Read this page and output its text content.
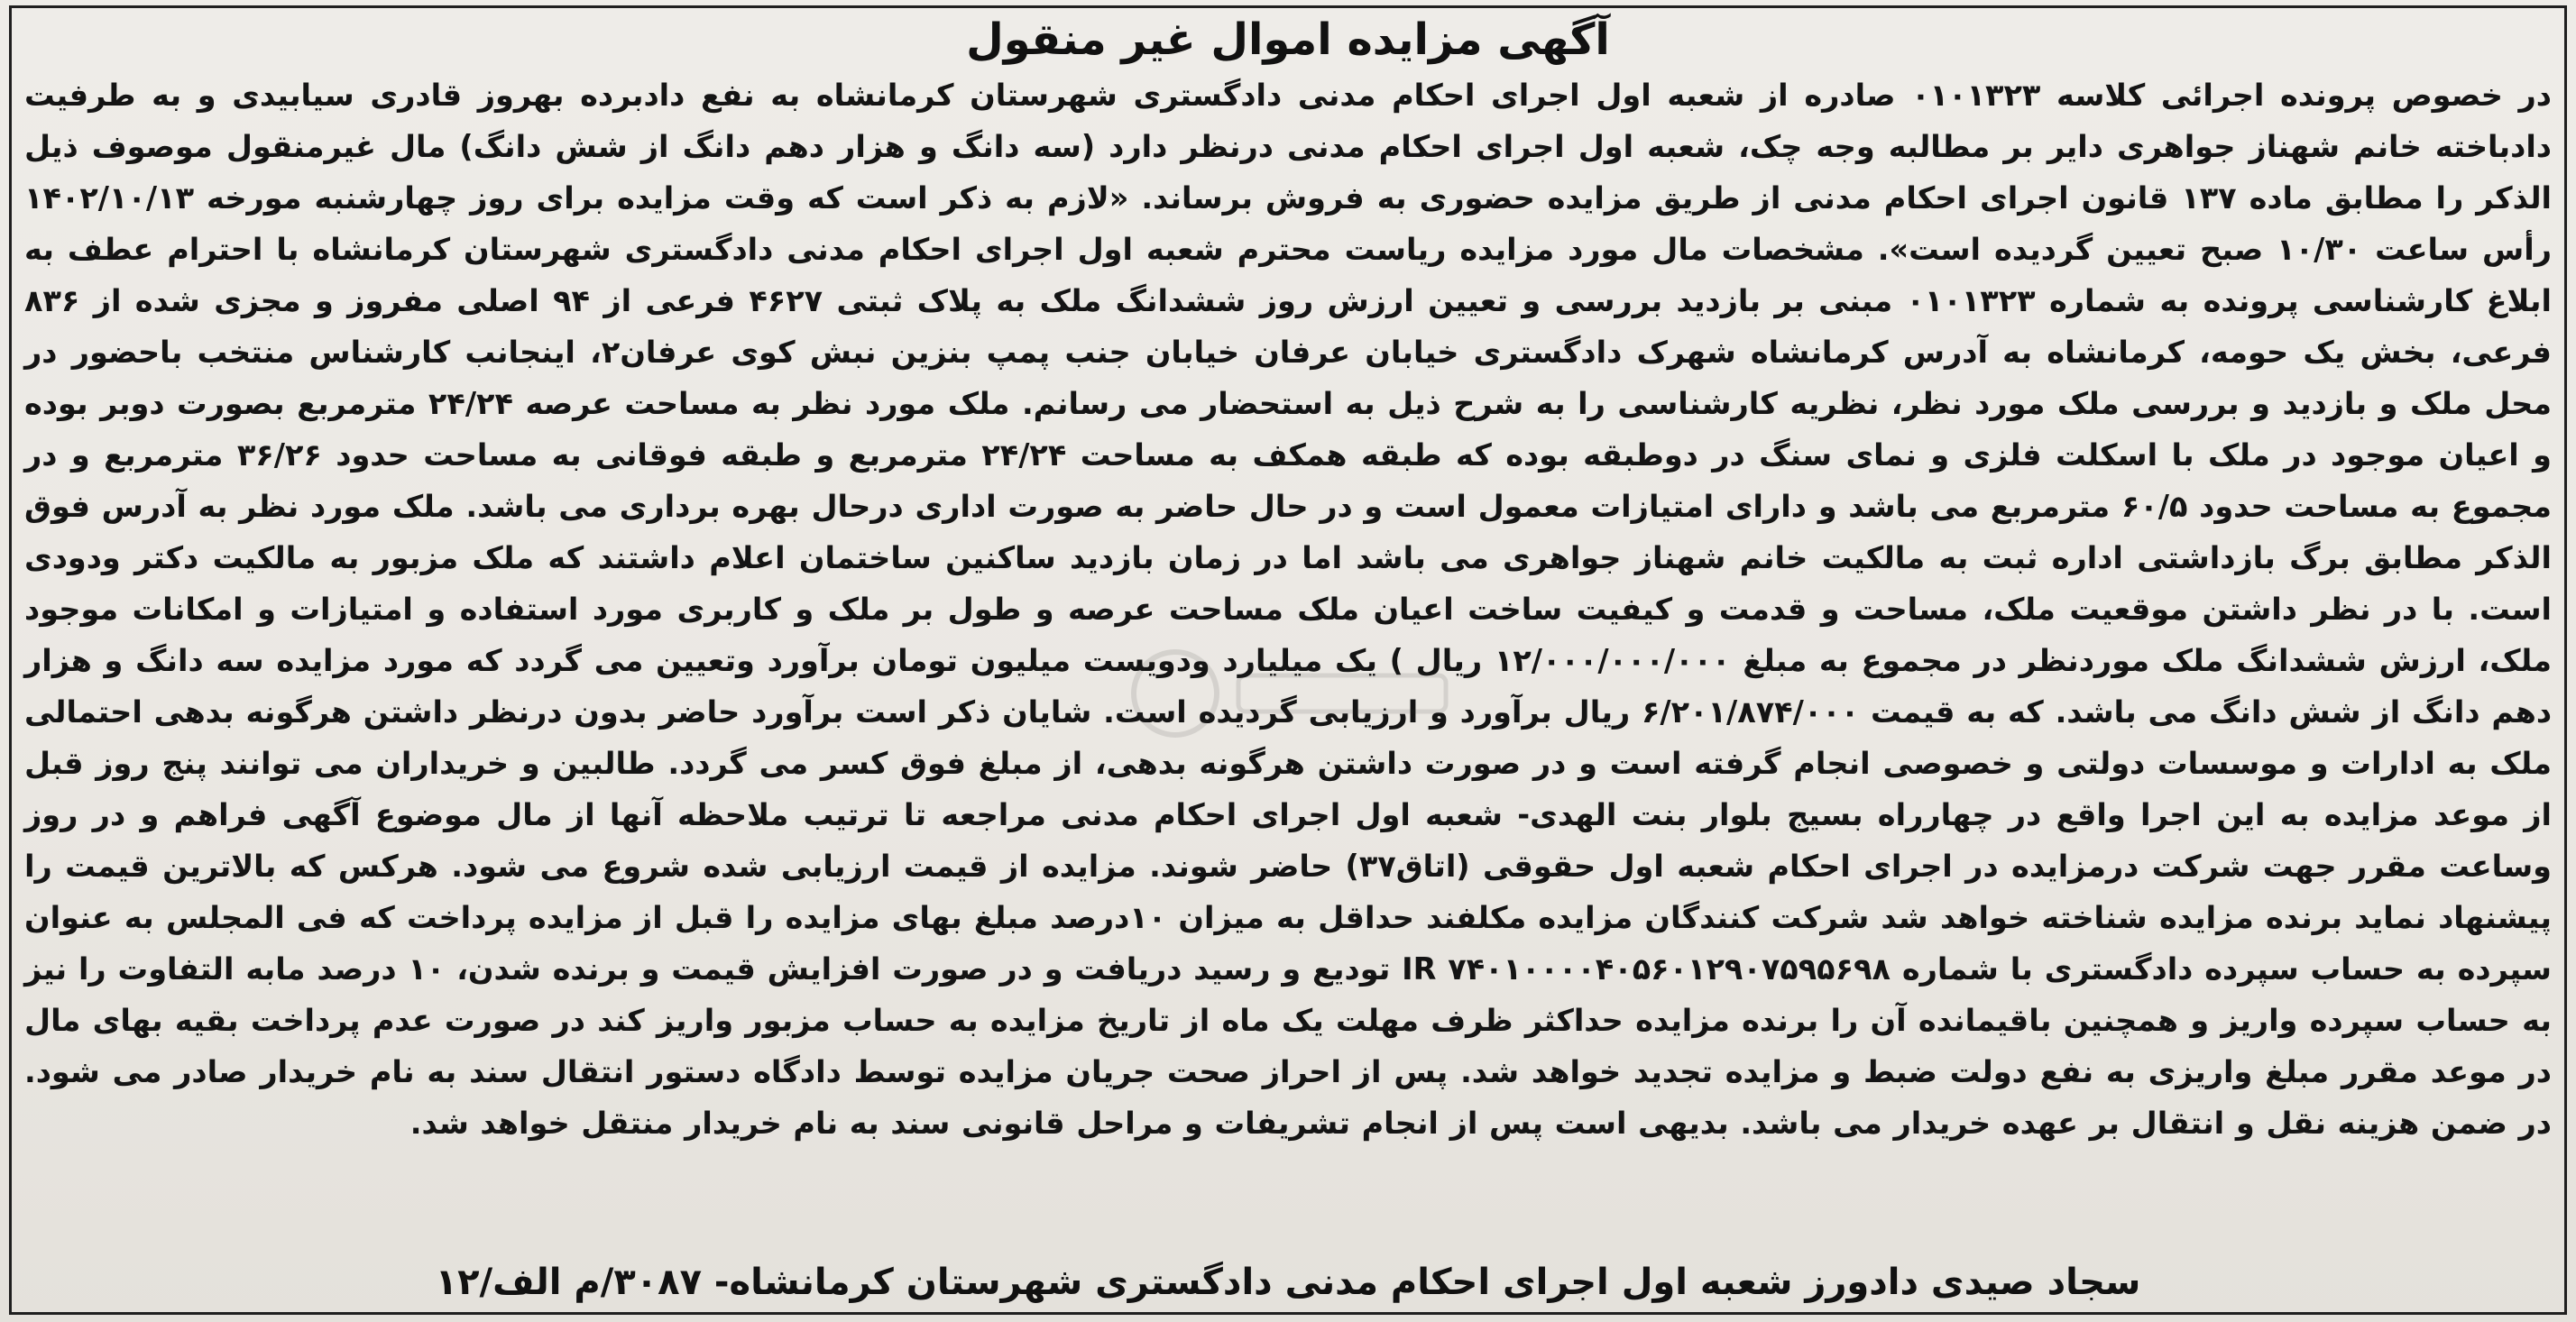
آگهی مزایده اموال غیر منقول

در خصوص پرونده اجرائی کلاسه ۰۱۰۱۳۲۳ صادره از شعبه اول اجرای احکام مدنی دادگستری شهرستان کرمانشاه به نفع دادبرده بهروز قادری سیابیدی و به طرفیت دادباخته خانم شهناز جواهری دایر بر مطالبه وجه چک، شعبه اول اجرای احکام مدنی درنظر دارد (سه دانگ و هزار دهم دانگ از شش دانگ) مال غیرمنقول موصوف ذیل الذکر را مطابق ماده ۱۳۷ قانون اجرای احکام مدنی از طریق مزایده حضوری به فروش برساند. «لازم به ذکر است که وقت مزایده برای روز چهارشنبه مورخه ۱۴۰۲/۱۰/۱۳ رأس ساعت ۱۰/۳۰ صبح تعیین گردیده است». مشخصات مال مورد مزایده ریاست محترم شعبه اول اجرای احکام مدنی دادگستری شهرستان کرمانشاه با احترام عطف به ابلاغ کارشناسی پرونده به شماره ۰۱۰۱۳۲۳ مبنی بر بازدید بررسی و تعیین ارزش روز ششدانگ ملک به پلاک ثبتی ۴۶۲۷ فرعی از ۹۴ اصلی مفروز و مجزی شده از ۸۳۶ فرعی، بخش یک حومه، کرمانشاه به آدرس کرمانشاه شهرک دادگستری خیابان عرفان خیابان جنب پمپ بنزین نبش کوی عرفان۲، اینجانب کارشناس منتخب باحضور در محل ملک و بازدید و بررسی ملک مورد نظر، نظریه کارشناسی را به شرح ذیل به استحضار می رسانم. ملک مورد نظر به مساحت عرصه ۲۴/۲۴ مترمربع بصورت دوبر بوده و اعیان موجود در ملک با اسکلت فلزی و نمای سنگ در دوطبقه بوده که طبقه همکف به مساحت ۲۴/۲۴ مترمربع و طبقه فوقانی به مساحت حدود ۳۶/۲۶ مترمربع و در مجموع به مساحت حدود ۶۰/۵ مترمربع می باشد و دارای امتیازات معمول است و در حال حاضر به صورت اداری درحال بهره برداری می باشد. ملک مورد نظر به آدرس فوق الذکر مطابق برگ بازداشتی اداره ثبت به مالکیت خانم شهناز جواهری می باشد اما در زمان بازدید ساکنین ساختمان اعلام داشتند که ملک مزبور به مالکیت دکتر ودودی است. با در نظر داشتن موقعیت ملک، مساحت و قدمت و کیفیت ساخت اعیان ملک مساحت عرصه و طول بر ملک و کاربری مورد استفاده و امتیازات و امکانات موجود ملک، ارزش ششدانگ ملک موردنظر در مجموع به مبلغ ۱۲/۰۰۰/۰۰۰/۰۰۰ ریال ) یک میلیارد ودویست میلیون تومان برآورد وتعیین می گردد که مورد مزایده سه دانگ و هزار دهم دانگ از شش دانگ می باشد. که به قیمت ۶/۲۰۱/۸۷۴/۰۰۰ ریال برآورد و ارزیابی گردیده است. شایان ذکر است برآورد حاضر بدون درنظر داشتن هرگونه بدهی احتمالی ملک به ادارات و موسسات دولتی و خصوصی انجام گرفته است و در صورت داشتن هرگونه بدهی، از مبلغ فوق کسر می گردد. طالبین و خریداران می توانند پنج روز قبل از موعد مزایده به این اجرا واقع در چهارراه بسیج بلوار بنت الهدی- شعبه اول اجرای احکام مدنی مراجعه تا ترتیب ملاحظه آنها از مال موضوع آگهی فراهم و در روز وساعت مقرر جهت شرکت درمزایده در اجرای احکام شعبه اول حقوقی (اتاق۳۷) حاضر شوند. مزایده از قیمت ارزیابی شده شروع می شود. هرکس که بالاترین قیمت را پیشنهاد نماید برنده مزایده شناخته خواهد شد شرکت کنندگان مزایده مکلفند حداقل به میزان ۱۰درصد مبلغ بهای مزایده را قبل از مزایده پرداخت که فی المجلس به عنوان سپرده به حساب سپرده دادگستری با شماره IR ۷۴۰۱۰۰۰۰۴۰۵۶۰۱۲۹۰۷۵۹۵۶۹۸ تودیع و رسید دریافت و در صورت افزایش قیمت و برنده شدن، ۱۰ درصد مابه التفاوت را نیز به حساب سپرده واریز و همچنین باقیمانده آن را برنده مزایده حداکثر ظرف مهلت یک ماه از تاریخ مزایده به حساب مزبور واریز کند در صورت عدم پرداخت بقیه بهای مال در موعد مقرر مبلغ واریزی به نفع دولت ضبط و مزایده تجدید خواهد شد. پس از احراز صحت جریان مزایده توسط دادگاه دستور انتقال سند به نام خریدار صادر می شود. در ضمن هزینه نقل و انتقال بر عهده خریدار می باشد. بدیهی است پس از انجام تشریفات و مراحل قانونی سند به نام خریدار منتقل خواهد شد.

سجاد صیدی دادورز شعبه اول اجرای احکام مدنی دادگستری شهرستان کرمانشاه- ۳۰۸۷/م الف/۱۲
